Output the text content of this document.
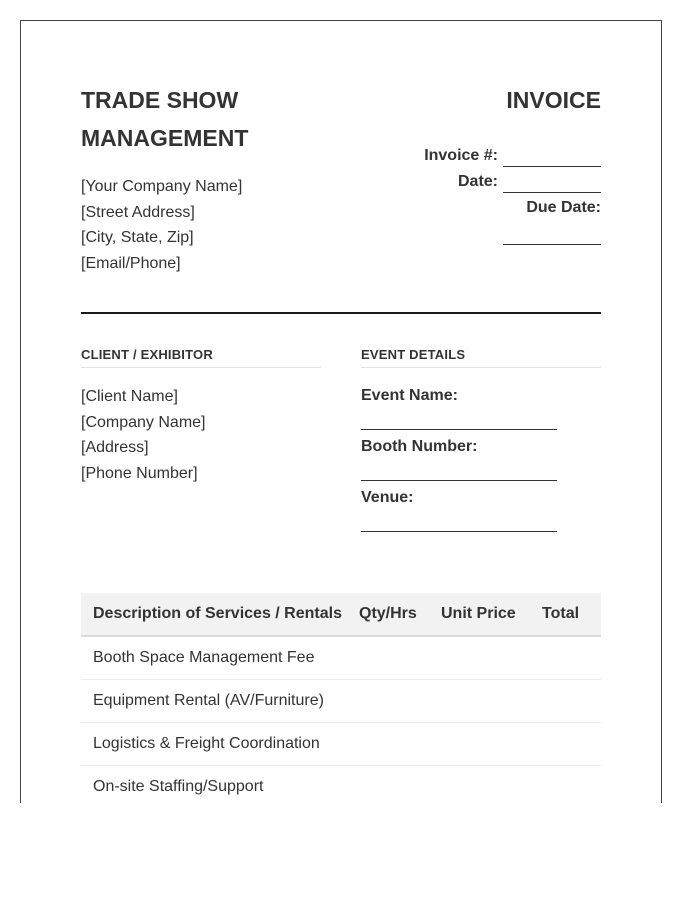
TRADE SHOW
MANAGEMENT
[Your Company Name]
[Street Address]
[City, State, Zip]
[Email/Phone]
INVOICE
Invoice #:
Date:
Due Date:
CLIENT / EXHIBITOR	EVENT DETAILS
[Client Name]
[Company Name]
[Address]
[Phone Number]
Event Name:
Booth Number:
Venue:
Description of Services / Rentals	Qty/Hrs	Unit Price	Total
Booth Space Management Fee			
Equipment Rental (AV/Furniture)			
Logistics & Freight Coordination			
On-site Staffing/Support			
